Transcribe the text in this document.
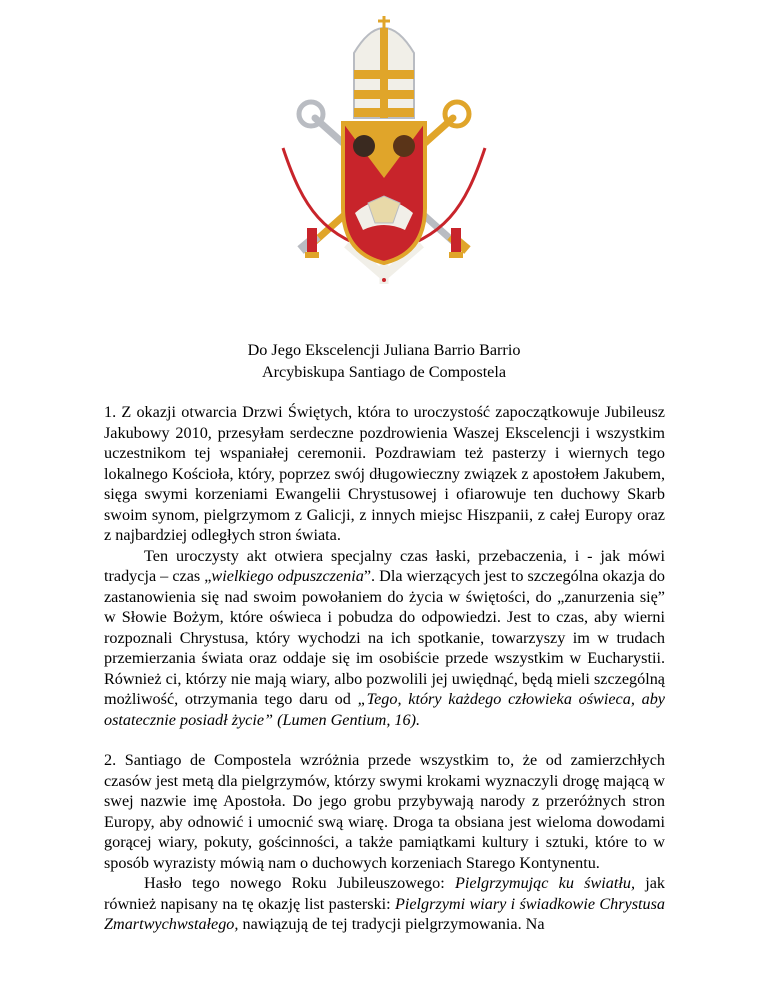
Do Jego Ekscelencji Juliana Barrio Barrio
Arcybiskupa Santiago de Compostela

1. Z okazji otwarcia Drzwi Świętych, która to uroczystość zapoczątkowuje Jubileusz Jakubowy 2010, przesyłam serdeczne pozdrowienia Waszej Ekscelencji i wszystkim uczestnikom tej wspaniałej ceremonii. Pozdrawiam też pasterzy i wiernych tego lokalnego Kościoła, który, poprzez swój długowieczny związek z apostołem Jakubem, sięga swymi korzeniami Ewangelii Chrystusowej i ofiarowuje ten duchowy Skarb swoim synom, pielgrzymom z Galicji, z innych miejsc Hiszpanii, z całej Europy oraz z najbardziej odległych stron świata.

Ten uroczysty akt otwiera specjalny czas łaski, przebaczenia, i - jak mówi tradycja – czas „wielkiego odpuszczenia”. Dla wierzących jest to szczególna okazja do zastanowienia się nad swoim powołaniem do życia w świętości, do „zanurzenia się” w Słowie Bożym, które oświeca i pobudza do odpowiedzi. Jest to czas, aby wierni rozpoznali Chrystusa, który wychodzi na ich spotkanie, towarzyszy im w trudach przemierzania świata oraz oddaje się im osobiście przede wszystkim w Eucharystii. Również ci, którzy nie mają wiary, albo pozwolili jej uwiędnąć, będą mieli szczególną możliwość, otrzymania tego daru od „Tego, który każdego człowieka oświeca, aby ostatecznie posiadł życie” (Lumen Gentium, 16).

2. Santiago de Compostela wzróżnia przede wszystkim to, że od zamierzchłych czasów jest metą dla pielgrzymów, którzy swymi krokami wyznaczyli drogę mającą w swej nazwie imę Apostoła. Do jego grobu przybywają narody z przeróżnych stron Europy, aby odnowić i umocnić swą wiarę. Droga ta obsiana jest wieloma dowodami gorącej wiary, pokuty, gościnności, a także pamiątkami kultury i sztuki, które to w sposób wyrazisty mówią nam o duchowych korzeniach Starego Kontynentu.

Hasło tego nowego Roku Jubileuszowego: Pielgrzymując ku światłu, jak również napisany na tę okazję list pasterski: Pielgrzymi wiary i świadkowie Chrystusa Zmartwychwstałego, nawiązują de tej tradycji pielgrzymowania. Na
